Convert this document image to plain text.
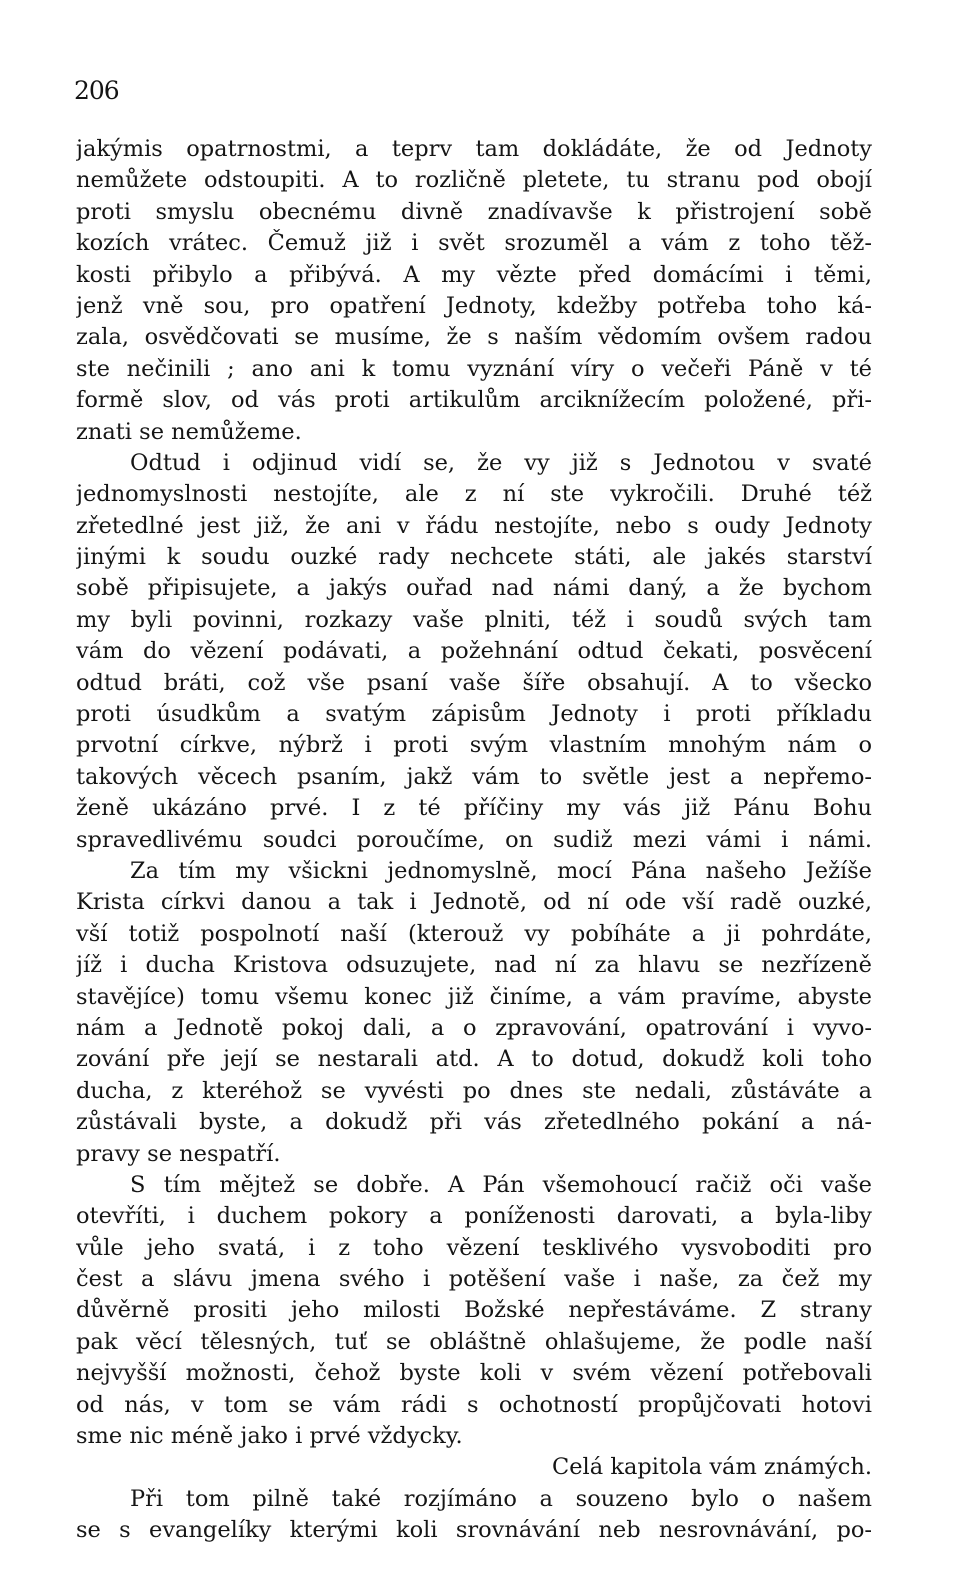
206
jakýmis opatrnostmi, a teprv tam dokládáte, že od Jednoty
nemůžete odstoupiti. A to rozličně pletete, tu stranu pod obojí
proti smyslu obecnému divně znadívavše k přistrojení sobě
kozích vrátec. Čemuž již i svět srozuměl a vám z toho těž-
kosti přibylo a přibývá. A my vězte před domácími i těmi,
jenž vně sou, pro opatření Jednoty, kdežby potřeba toho ká-
zala, osvědčovati se musíme, že s naším vědomím ovšem radou
ste nečinili ; ano ani k tomu vyznání víry o večeři Páně v té
formě slov, od vás proti artikulům arciknížecím položené, při-
znati se nemůžeme.
Odtud i odjinud vidí se, že vy již s Jednotou v svaté
jednomyslnosti nestojíte, ale z ní ste vykročili. Druhé též
zřetedlné jest již, že ani v řádu nestojíte, nebo s oudy Jednoty
jinými k soudu ouzké rady nechcete státi, ale jakés starství
sobě připisujete, a jakýs ouřad nad námi daný, a že bychom
my byli povinni, rozkazy vaše plniti, též i soudů svých tam
vám do vězení podávati, a požehnání odtud čekati, posvěcení
odtud bráti, což vše psaní vaše šíře obsahují. A to všecko
proti úsudkům a svatým zápisům Jednoty i proti příkladu
prvotní církve, nýbrž i proti svým vlastním mnohým nám o
takových věcech psaním, jakž vám to světle jest a nepřemo-
ženě ukázáno prvé. I z té příčiny my vás již Pánu Bohu
spravedlivému soudci poroučíme, on sudiž mezi vámi i námi.
Za tím my všickni jednomyslně, mocí Pána našeho Ježíše
Krista církvi danou a tak i Jednotě, od ní ode vší radě ouzké,
vší totiž pospolnotí naší (kterouž vy pobíháte a ji pohrdáte,
jíž i ducha Kristova odsuzujete, nad ní za hlavu se nezřízeně
stavějíce) tomu všemu konec již činíme, a vám pravíme, abyste
nám a Jednotě pokoj dali, a o zpravování, opatrování i vyvo-
zování pře její se nestarali atd. A to dotud, dokudž koli toho
ducha, z kteréhož se vyvésti po dnes ste nedali, zůstáváte a
zůstávali byste, a dokudž při vás zřetedlného pokání a ná-
pravy se nespatří.
S tím mějtež se dobře. A Pán všemohoucí račiž oči vaše
otevříti, i duchem pokory a poníženosti darovati, a byla-liby
vůle jeho svatá, i z toho vězení tesklivého vysvoboditi pro
čest a slávu jmena svého i potěšení vaše i naše, za čež my
důvěrně prositi jeho milosti Božské nepřestáváme. Z strany
pak věcí tělesných, tuť se obláštně ohlašujeme, že podle naší
nejvyšší možnosti, čehož byste koli v svém vězení potřebovali
od nás, v tom se vám rádi s ochotností propůjčovati hotovi
sme nic méně jako i prvé vždycky.
Celá kapitola vám známých.
Při tom pilně také rozjímáno a souzeno bylo o našem
se s evangelíky kterými koli srovnávání neb nesrovnávání, po-
